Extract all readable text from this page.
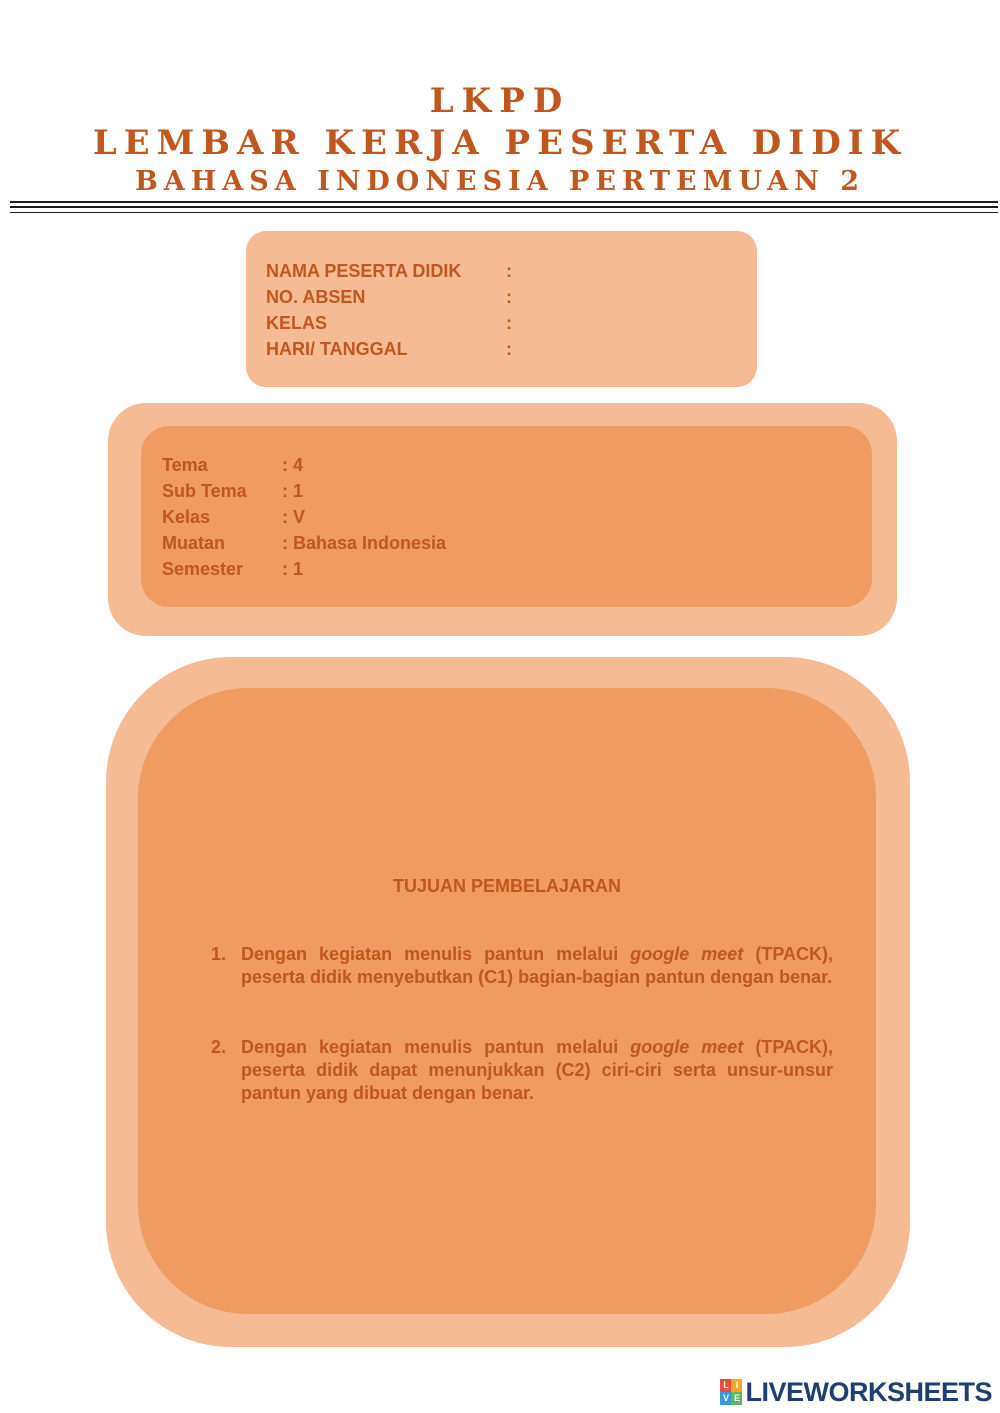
LKPD
LEMBAR KERJA PESERTA DIDIK
BAHASA INDONESIA PERTEMUAN 2
NAMA PESERTA DIDIK :
NO. ABSEN	:
KELAS	:
HARI/ TANGGAL	:
Tema	: 4
Sub Tema : 1
Kelas	: V
Muatan	: Bahasa Indonesia
Semester : 1
TUJUAN PEMBELAJARAN
1. Dengan kegiatan menulis pantun melalui google meet (TPACK), peserta didik menyebutkan (C1) bagian-bagian pantun dengan benar.
2. Dengan kegiatan menulis pantun melalui google meet (TPACK), peserta didik dapat menunjukkan (C2) ciri-ciri serta unsur-unsur pantun yang dibuat dengan benar.
L I
V E LIVEWORKSHEETS
